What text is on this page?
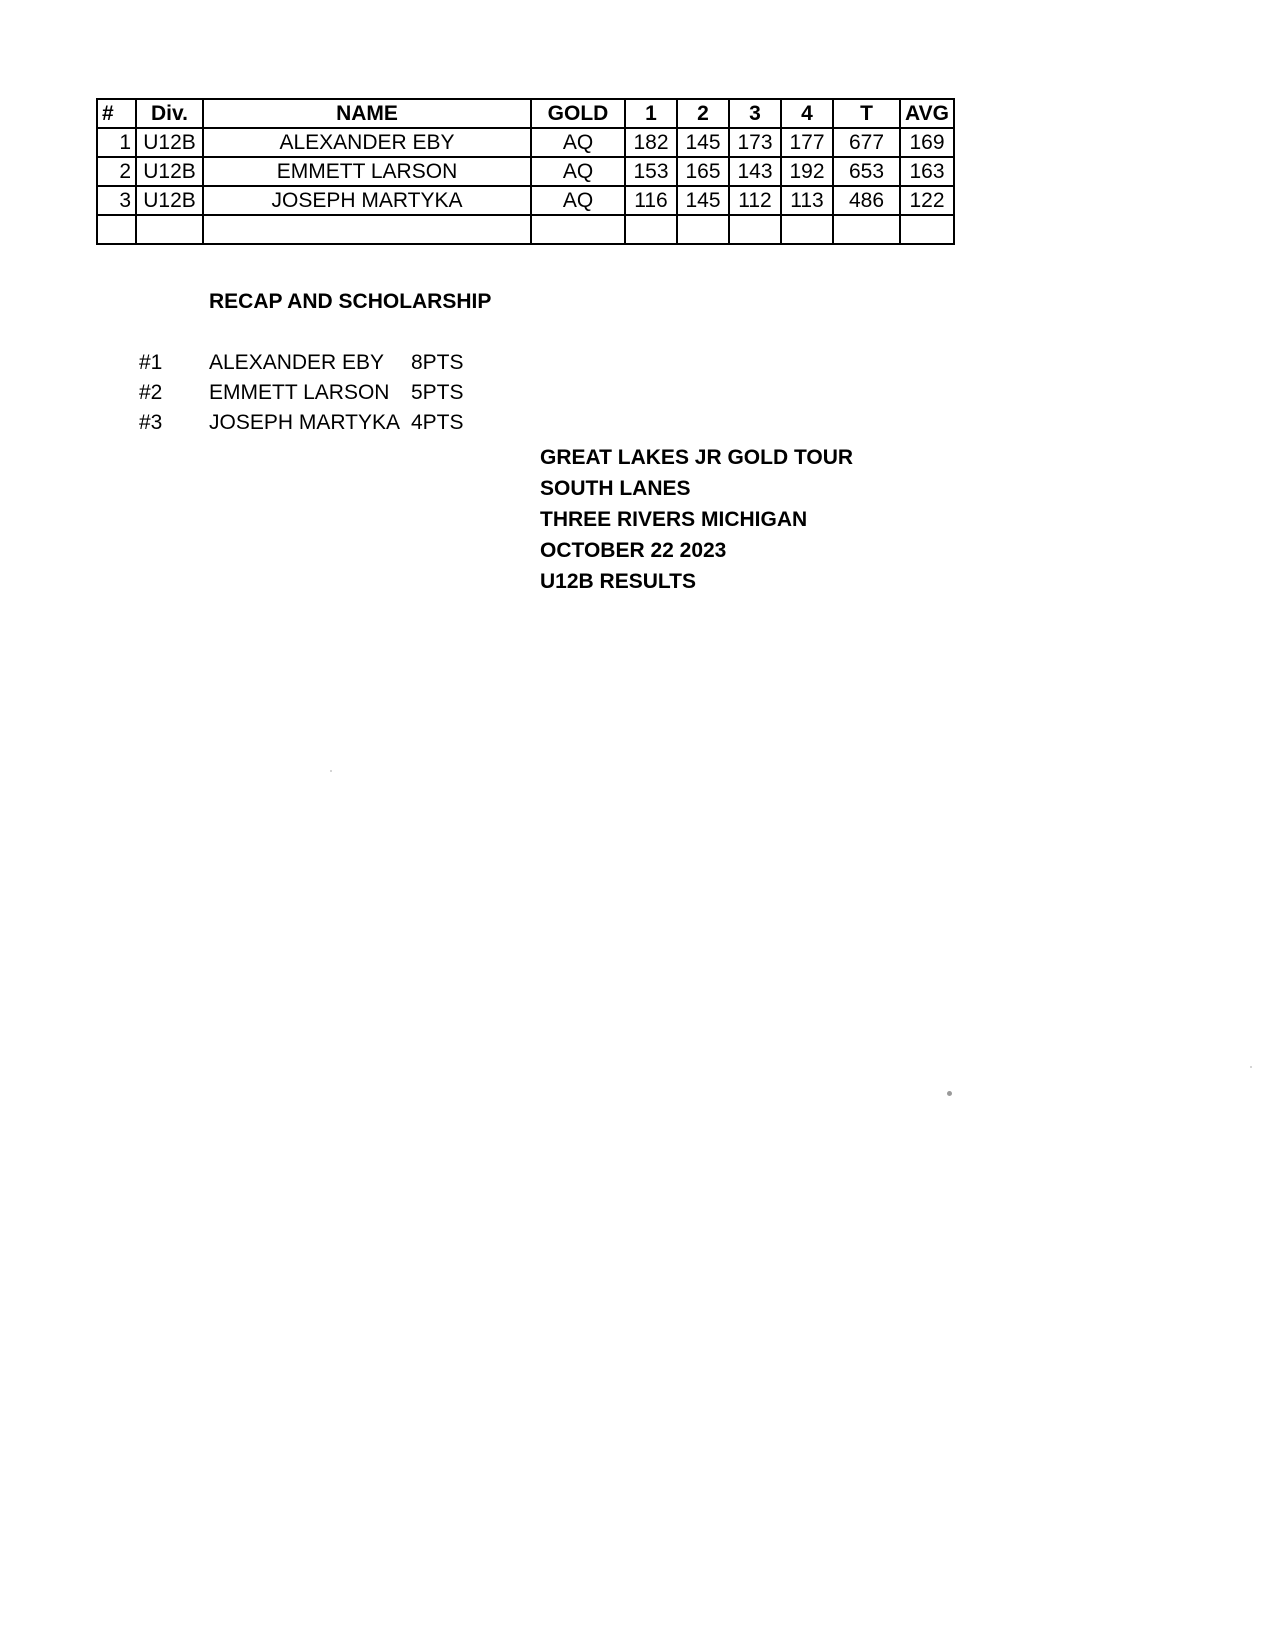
#	Div.	NAME	GOLD	1	2	3	4	T	AVG
1	U12B	ALEXANDER EBY	AQ	182	145	173	177	677	169
2	U12B	EMMETT LARSON	AQ	153	165	143	192	653	163
3	U12B	JOSEPH MARTYKA	AQ	116	145	112	113	486	122

RECAP AND SCHOLARSHIP
#1 ALEXANDER EBY 8PTS
#2 EMMETT LARSON 5PTS
#3 JOSEPH MARTYKA 4PTS
GREAT LAKES JR GOLD TOUR
SOUTH LANES
THREE RIVERS MICHIGAN
OCTOBER 22 2023
U12B RESULTS
